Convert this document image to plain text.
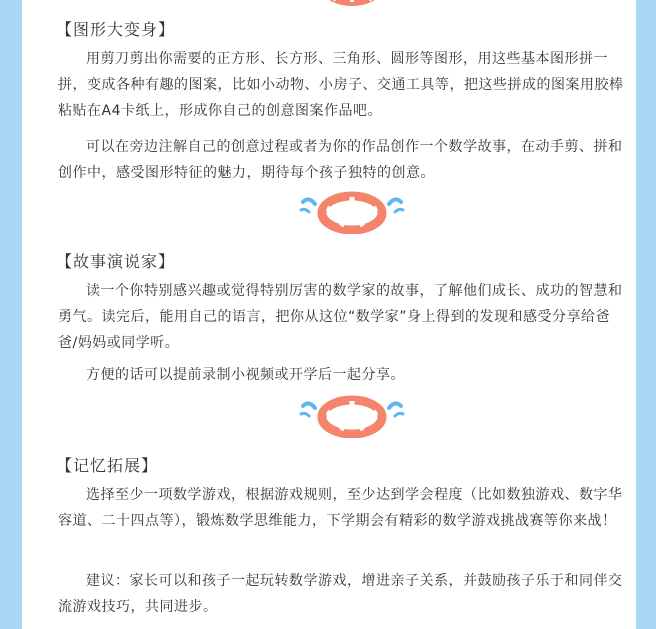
【图形大变身】

用剪刀剪出你需要的正方形、长方形、三角形、圆形等图形，用这些基本图形拼一拼，变成各种有趣的图案，比如小动物、小房子、交通工具等，把这些拼成的图案用胶棒粘贴在A4卡纸上，形成你自己的创意图案作品吧。

可以在旁边注解自己的创意过程或者为你的作品创作一个数学故事，在动手剪、拼和创作中，感受图形特征的魅力，期待每个孩子独特的创意。

【故事演说家】

读一个你特别感兴趣或觉得特别厉害的数学家的故事，了解他们成长、成功的智慧和勇气。读完后，能用自己的语言，把你从这位“数学家”身上得到的发现和感受分享给爸爸/妈妈或同学听。

方便的话可以提前录制小视频或开学后一起分享。

【记忆拓展】

选择至少一项数学游戏，根据游戏规则，至少达到学会程度（比如数独游戏、数字华容道、二十四点等），锻炼数学思维能力，下学期会有精彩的数学游戏挑战赛等你来战！

建议：家长可以和孩子一起玩转数学游戏，增进亲子关系，并鼓励孩子乐于和同伴交流游戏技巧，共同进步。
